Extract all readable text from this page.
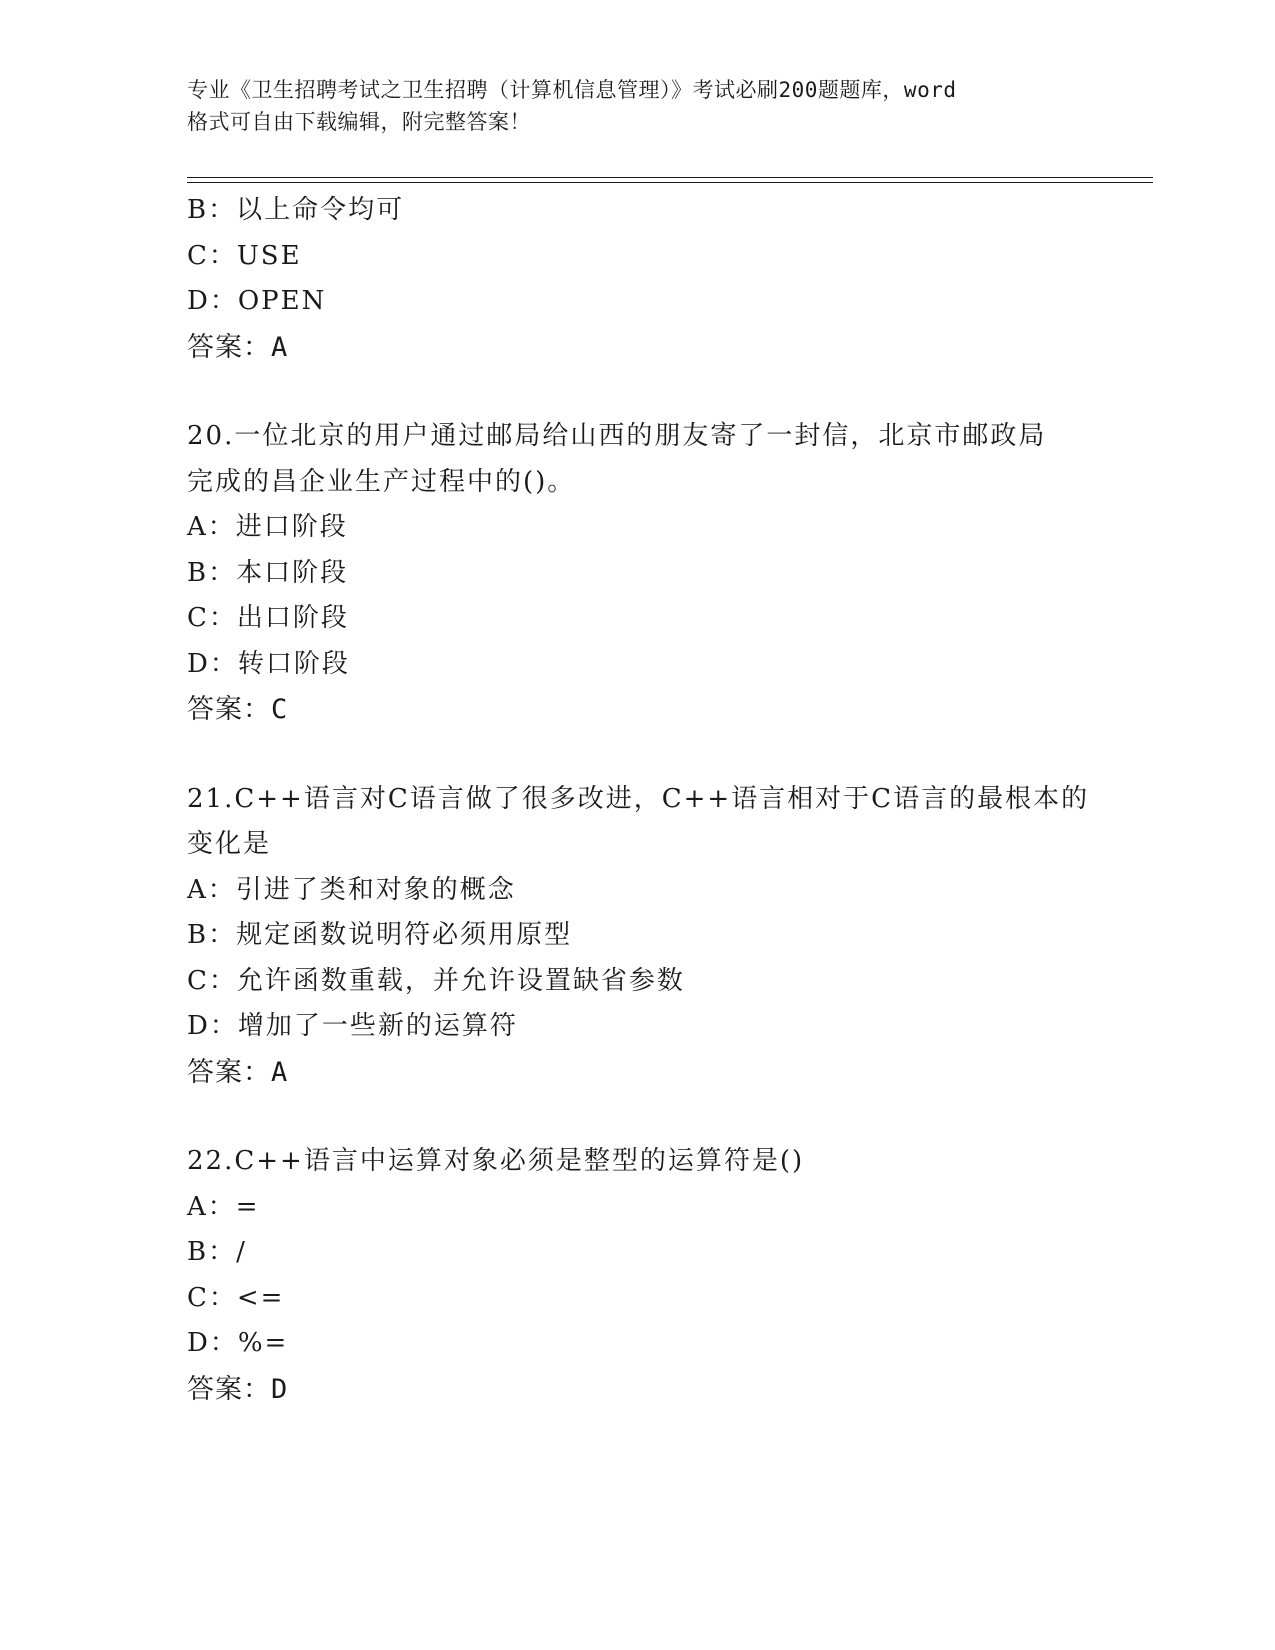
专业《卫生招聘考试之卫生招聘（计算机信息管理）》考试必刷200题题库，word
格式可自由下载编辑，附完整答案！
B：以上命令均可
C：USE
D：OPEN
答案：A
20.一位北京的用户通过邮局给山西的朋友寄了一封信，北京市邮政局
完成的昌企业生产过程中的()。
A：进口阶段
B：本口阶段
C：出口阶段
D：转口阶段
答案：C
21.C++语言对C语言做了很多改进，C++语言相对于C语言的最根本的
变化是
A：引进了类和对象的概念
B：规定函数说明符必须用原型
C：允许函数重载，并允许设置缺省参数
D：增加了一些新的运算符
答案：A
22.C++语言中运算对象必须是整型的运算符是()
A：=
B：/
C：<=
D：%=
答案：D
